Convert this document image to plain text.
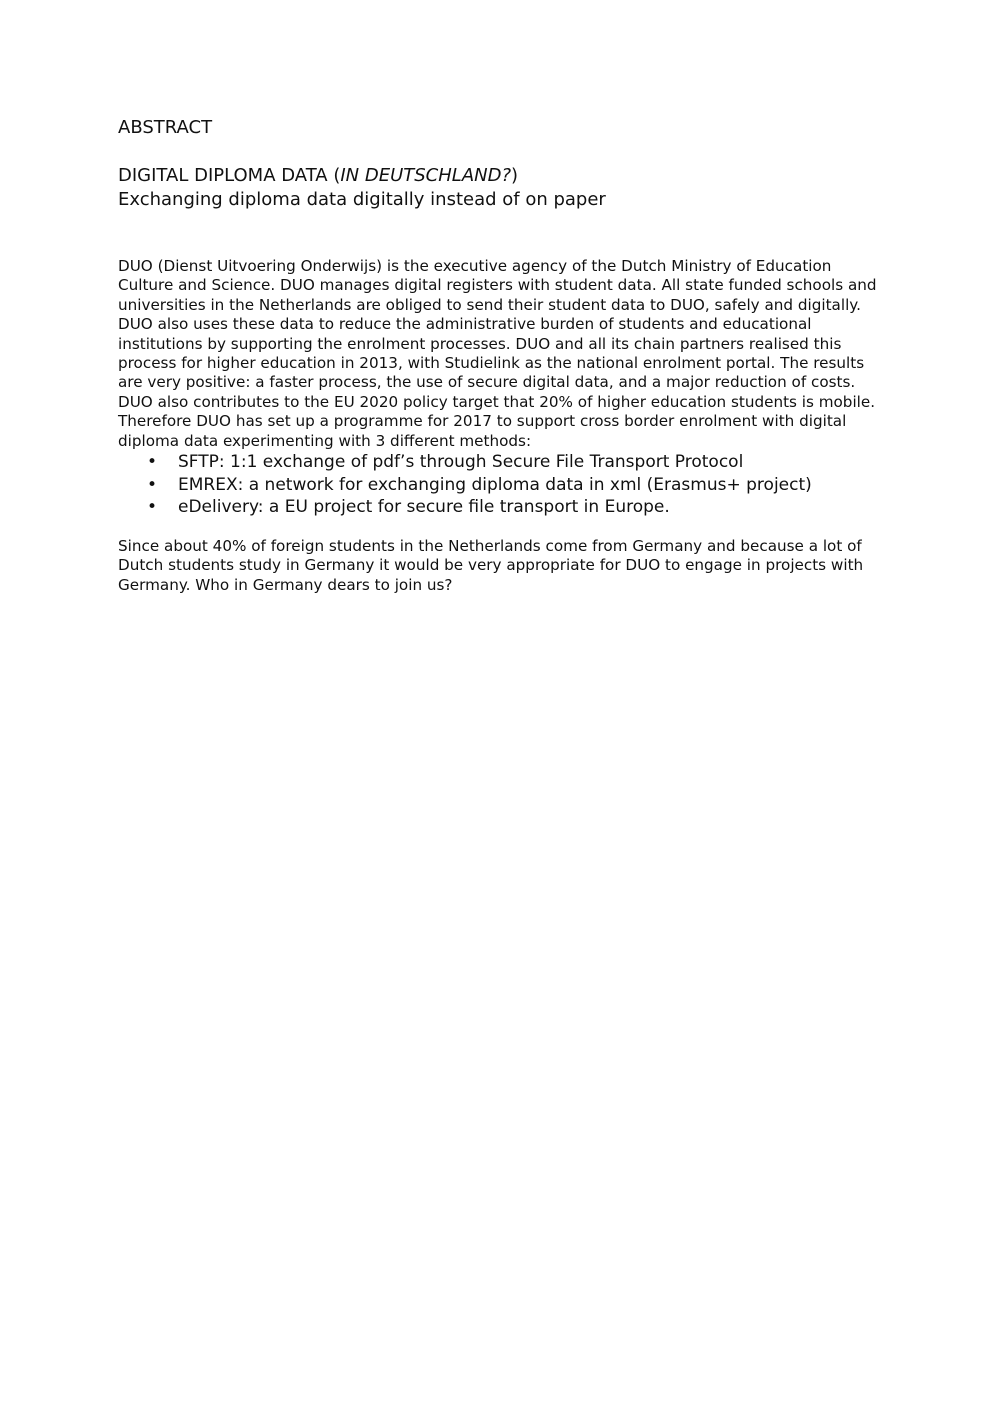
ABSTRACT
DIGITAL DIPLOMA DATA (IN DEUTSCHLAND?)
Exchanging diploma data digitally instead of on paper

DUO (Dienst Uitvoering Onderwijs) is the executive agency of the Dutch Ministry of Education Culture and Science. DUO manages digital registers with student data. All state funded schools and universities in the Netherlands are obliged to send their student data to DUO, safely and digitally. DUO also uses these data to reduce the administrative burden of students and educational institutions by supporting the enrolment processes. DUO and all its chain partners realised this process for higher education in 2013, with Studielink as the national enrolment portal. The results are very positive: a faster process, the use of secure digital data, and a major reduction of costs. DUO also contributes to the EU 2020 policy target that 20% of higher education students is mobile. Therefore DUO has set up a programme for 2017 to support cross border enrolment with digital diploma data experimenting with 3 different methods:

• SFTP: 1:1 exchange of pdf’s through Secure File Transport Protocol
• EMREX: a network for exchanging diploma data in xml (Erasmus+ project)
• eDelivery: a EU project for secure file transport in Europe.

Since about 40% of foreign students in the Netherlands come from Germany and because a lot of Dutch students study in Germany it would be very appropriate for DUO to engage in projects with Germany. Who in Germany dears to join us?
